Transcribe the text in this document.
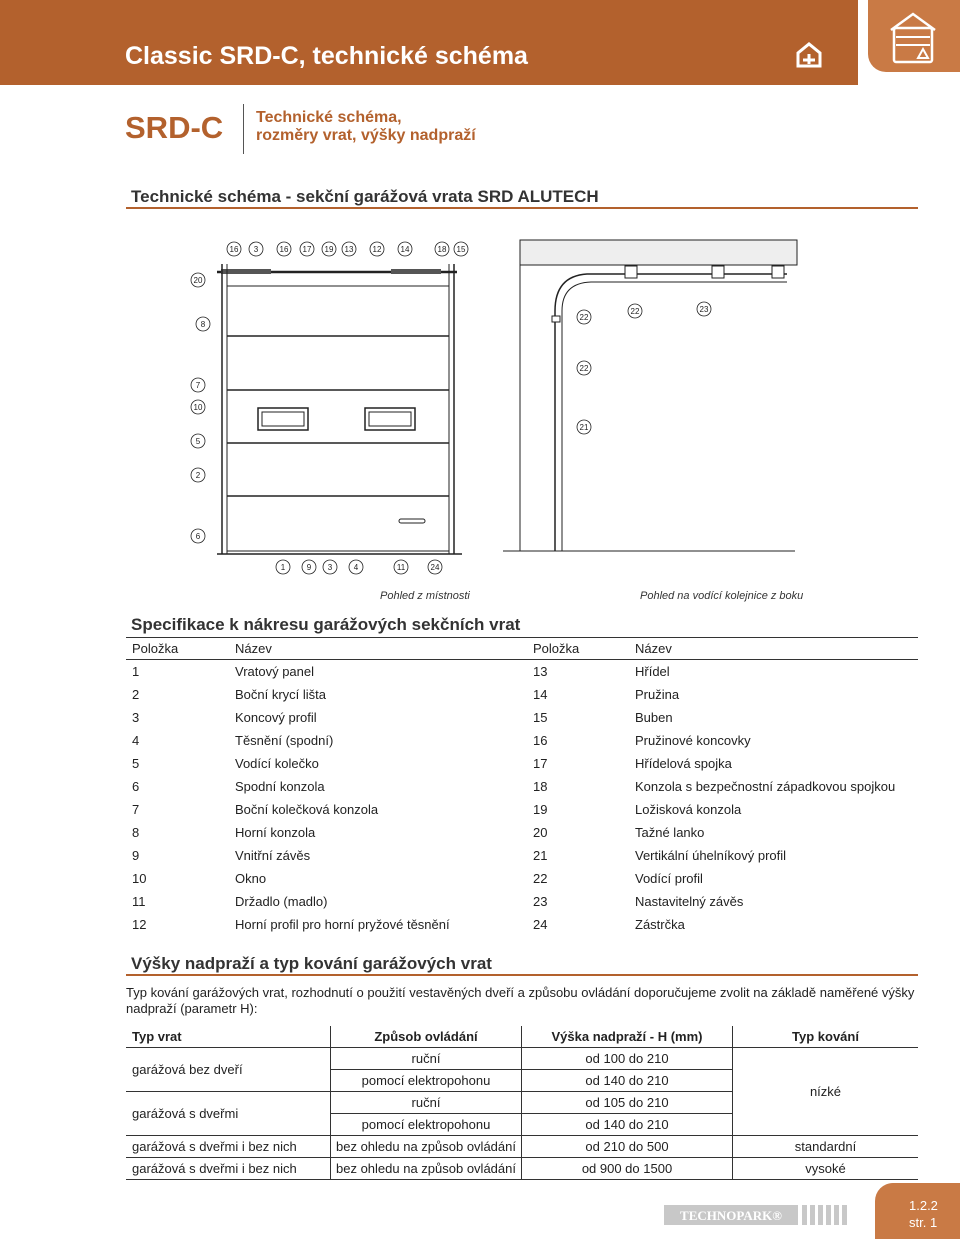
Classic SRD-C, technické schéma
SRD-C Technické schéma,
rozměry vrat, výšky nadpraží
Technické schéma - sekční garážová vrata SRD ALUTECH
16 3	16 17 19 13 12 14	18 15
20
8
7
10
5
2
6
1	9 3	4	11	24
22
22	23
22
21
Pohled z místnosti	Pohled na vodící kolejnice z boku
Specifikace k nákresu garážových sekčních vrat
Položka	Název	Položka	Název
1	Vratový panel	13	Hřídel
2	Boční krycí lišta	14	Pružina
3	Koncový profil	15	Buben
4	Těsnění (spodní)	16	Pružinové koncovky
5	Vodící kolečko	17	Hřídelová spojka
6	Spodní konzola	18	Konzola s bezpečnostní západkovou spojkou
7	Boční kolečková konzola	19	Ložisková konzola
8	Horní konzola	20	Tažné lanko
9	Vnitřní závěs	21	Vertikální úhelníkový profil
10	Okno	22	Vodící profil
11	Držadlo (madlo)	23	Nastavitelný závěs
12	Horní profil pro horní pryžové těsnění	24	Zástrčka
Výšky nadpraží a typ kování garážových vrat
Typ kování garážových vrat, rozhodnutí o použití vestavěných dveří a způsobu ovládání doporučujeme zvolit na základě naměřené výšky nadpraží (parametr H):
Typ vrat	Způsob ovládání	Výška nadpraží - H (mm)	Typ kování
garážová bez dveří	ruční	od 100 do 210	nízké
	pomocí elektropohonu	od 140 do 210	
garážová s dveřmi	ruční	od 105 do 210	
	pomocí elektropohonu	od 140 do 210	
garážová s dveřmi i bez nich	bez ohledu na způsob ovládání	od 210 do 500	standardní
garážová s dveřmi i bez nich	bez ohledu na způsob ovládání	od 900 do 1500	vysoké
TECHNOPARK®
1.2.2
str. 1
